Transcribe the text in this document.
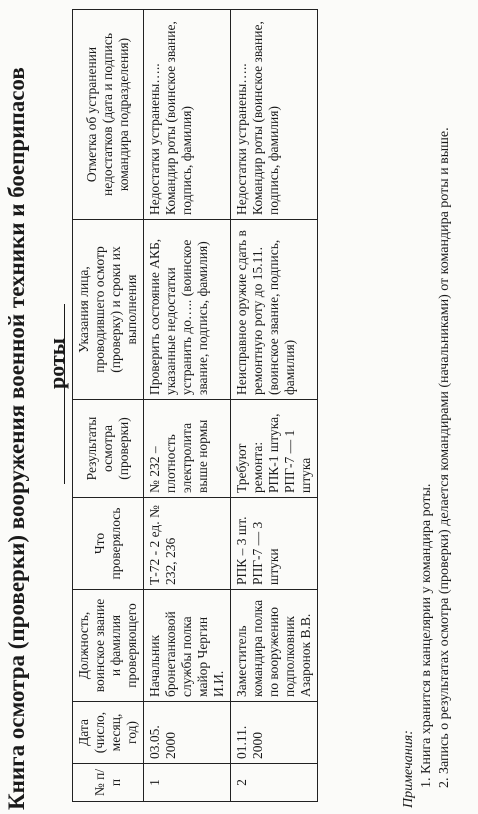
Книга осмотра (проверки) вооружения военной техники и боеприпасов роты
№ п/п	Дата (число, месяц, год)	Должность, воинское звание и фамилия проверяющего	Что проверялось	Результаты осмотра (проверки)	Указания лица, проводившего осмотр (проверку) и сроки их выполнения	Отметка об устранении недостатков (дата и подпись командира подразделения)
1	03.05. 2000	Начальник бронетанковой службы полка майор Чергин И.И.	Т-72 - 2 ед. № 232, 236	№ 232 – плотность электролита выше нормы	Проверить состояние АКБ, указанные недостатки устранить до….. (воинское звание, подпись, фамилия)	Недостатки устранены….. Командир роты (воинское звание, подпись, фамилия)
2	01.11. 2000	Заместитель командира полка по вооружению подполковник Азаронок В.В.	РПК – 3 шт. РПГ-7 — 3 штуки	Требуют ремонта: РПК-1 штука, РПГ-7 — 1 штука	Неисправное оружие сдать в ремонтную роту до 15.11. (воинское звание, подпись, фамилия)	Недостатки устранены….. Командир роты (воинское звание, подпись, фамилия)
Примечания: 1. Книга хранится в канцелярии у командира роты. 2. Запись о результатах осмотра (проверки) делается командирами (начальниками) от командира роты и выше.
